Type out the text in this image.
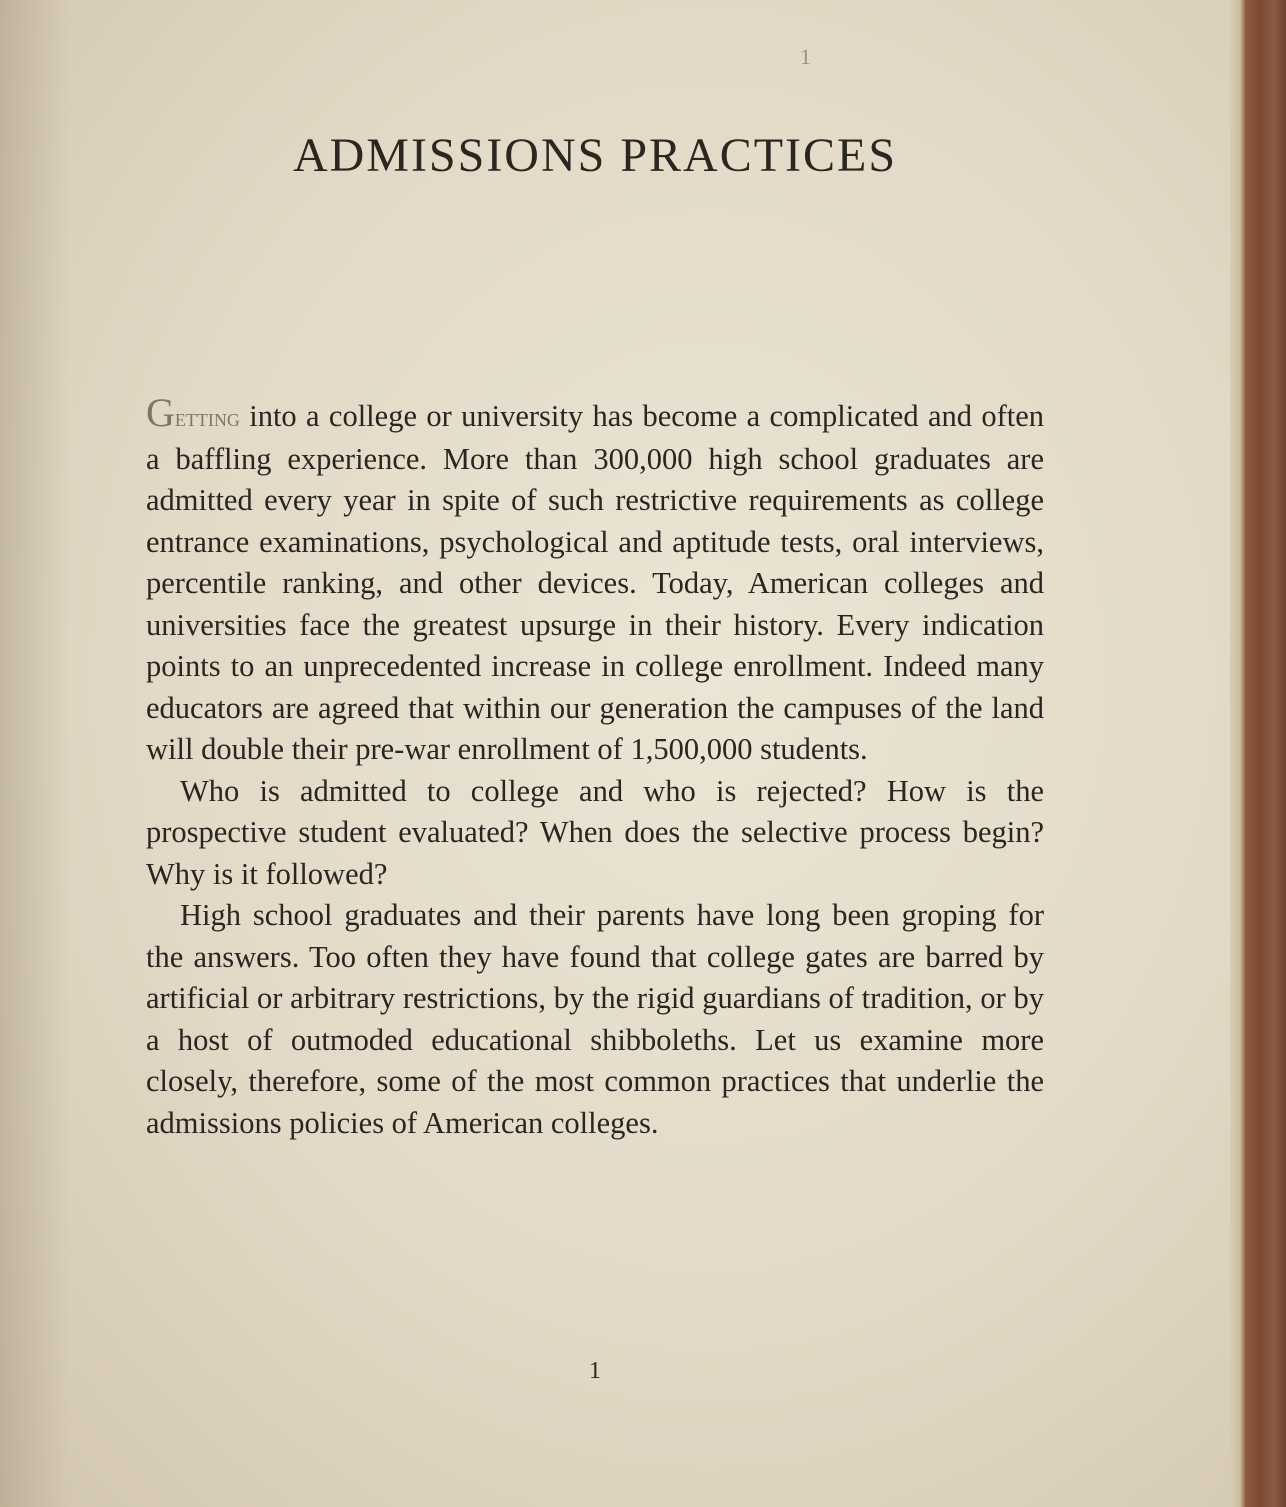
1
ADMISSIONS PRACTICES

Getting into a college or university has become a complicated and often a baffling experience. More than 300,000 high school graduates are admitted every year in spite of such restrictive requirements as college entrance examinations, psychological and aptitude tests, oral interviews, percentile ranking, and other devices. Today, American colleges and universities face the greatest upsurge in their history. Every indication points to an unprecedented increase in college enrollment. Indeed many educators are agreed that within our generation the campuses of the land will double their pre-war enrollment of 1,500,000 students.

Who is admitted to college and who is rejected? How is the prospective student evaluated? When does the selective process begin? Why is it followed?

High school graduates and their parents have long been groping for the answers. Too often they have found that college gates are barred by artificial or arbitrary restrictions, by the rigid guardians of tradition, or by a host of outmoded educational shibboleths. Let us examine more closely, therefore, some of the most common practices that underlie the admissions policies of American colleges.

1
